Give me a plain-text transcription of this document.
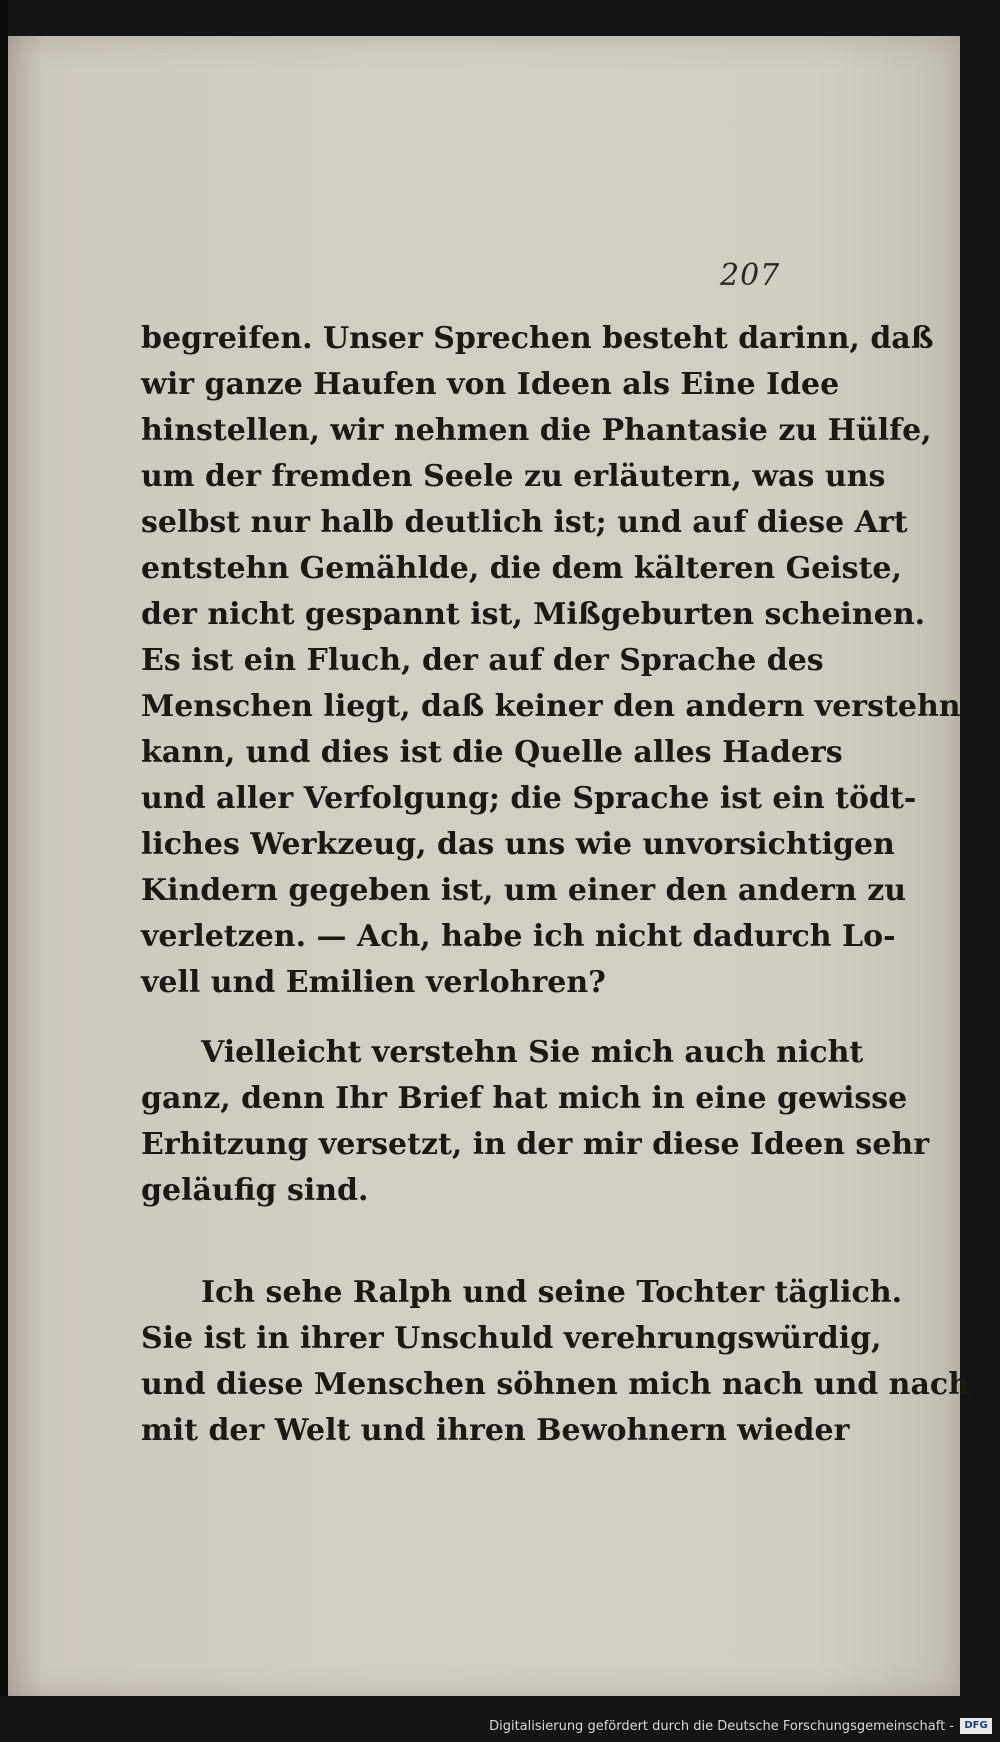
207
begreifen. Unser Sprechen besteht darinn, daß
wir ganze Haufen von Ideen als Eine Idee
hinstellen, wir nehmen die Phantasie zu Hülfe,
um der fremden Seele zu erläutern, was uns
selbst nur halb deutlich ist; und auf diese Art
entstehn Gemählde, die dem kälteren Geiste,
der nicht gespannt ist, Mißgeburten scheinen.
Es ist ein Fluch, der auf der Sprache des
Menschen liegt, daß keiner den andern verstehn
kann, und dies ist die Quelle alles Haders
und aller Verfolgung; die Sprache ist ein tödt-
liches Werkzeug, das uns wie unvorsichtigen
Kindern gegeben ist, um einer den andern zu
verletzen. — Ach, habe ich nicht dadurch Lo-
vell und Emilien verlohren?
Vielleicht verstehn Sie mich auch nicht
ganz, denn Ihr Brief hat mich in eine gewisse
Erhitzung versetzt, in der mir diese Ideen sehr
geläufig sind.
Ich sehe Ralph und seine Tochter täglich.
Sie ist in ihrer Unschuld verehrungswürdig,
und diese Menschen söhnen mich nach und nach
mit der Welt und ihren Bewohnern wieder
Digitalisierung gefördert durch die Deutsche Forschungsgemeinschaft -	DFG
